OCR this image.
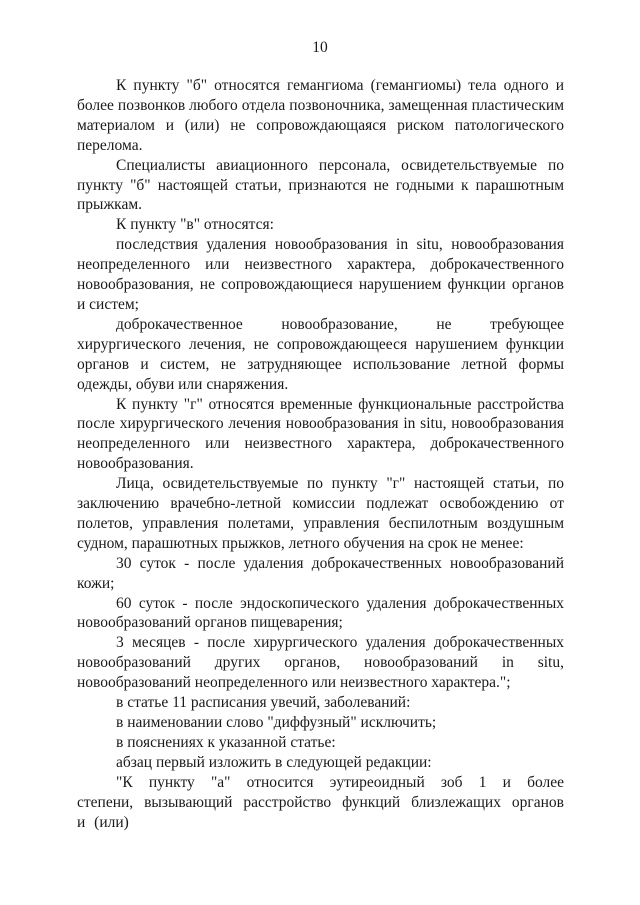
10

К пункту "б" относятся гемангиома (гемангиомы) тела одного и более позвонков любого отдела позвоночника, замещенная пластическим материалом и (или) не сопровождающаяся риском патологического перелома.

Специалисты авиационного персонала, освидетельствуемые по пункту "б" настоящей статьи, признаются не годными к парашютным прыжкам.

К пункту "в" относятся:

последствия удаления новообразования in situ, новообразования неопределенного или неизвестного характера, доброкачественного новообразования, не сопровождающиеся нарушением функции органов и систем;

доброкачественное новообразование, не требующее хирургического лечения, не сопровождающееся нарушением функции органов и систем, не затрудняющее использование летной формы одежды, обуви или снаряжения.

К пункту "г" относятся временные функциональные расстройства после хирургического лечения новообразования in situ, новообразования неопределенного или неизвестного характера, доброкачественного новообразования.

Лица, освидетельствуемые по пункту "г" настоящей статьи, по заключению врачебно-летной комиссии подлежат освобождению от полетов, управления полетами, управления беспилотным воздушным судном, парашютных прыжков, летного обучения на срок не менее:

30 суток - после удаления доброкачественных новообразований кожи;

60 суток - после эндоскопического удаления доброкачественных новообразований органов пищеварения;

3 месяцев - после хирургического удаления доброкачественных новообразований других органов, новообразований in situ, новообразований неопределенного или неизвестного характера.";

в статье 11 расписания увечий, заболеваний:

в наименовании слово "диффузный" исключить;

в пояснениях к указанной статье:

абзац первый изложить в следующей редакции:

"К пункту "а" относится эутиреоидный зоб 1 и более степени, вызывающий расстройство функций близлежащих органов и (или)
